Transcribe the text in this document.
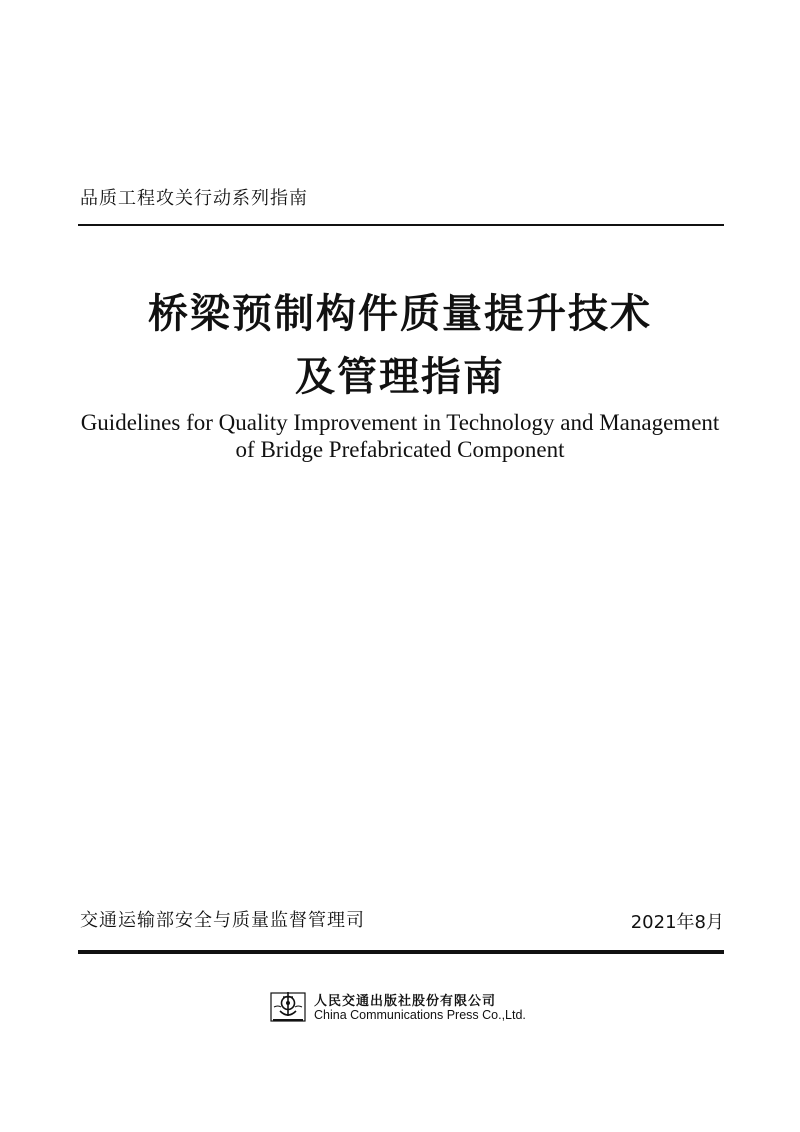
品质工程攻关行动系列指南
桥梁预制构件质量提升技术
及管理指南
Guidelines for Quality Improvement in Technology and Management
of Bridge Prefabricated Component
交通运输部安全与质量监督管理司	2021年8月
人民交通出版社股份有限公司
China Communications Press Co.,Ltd.
